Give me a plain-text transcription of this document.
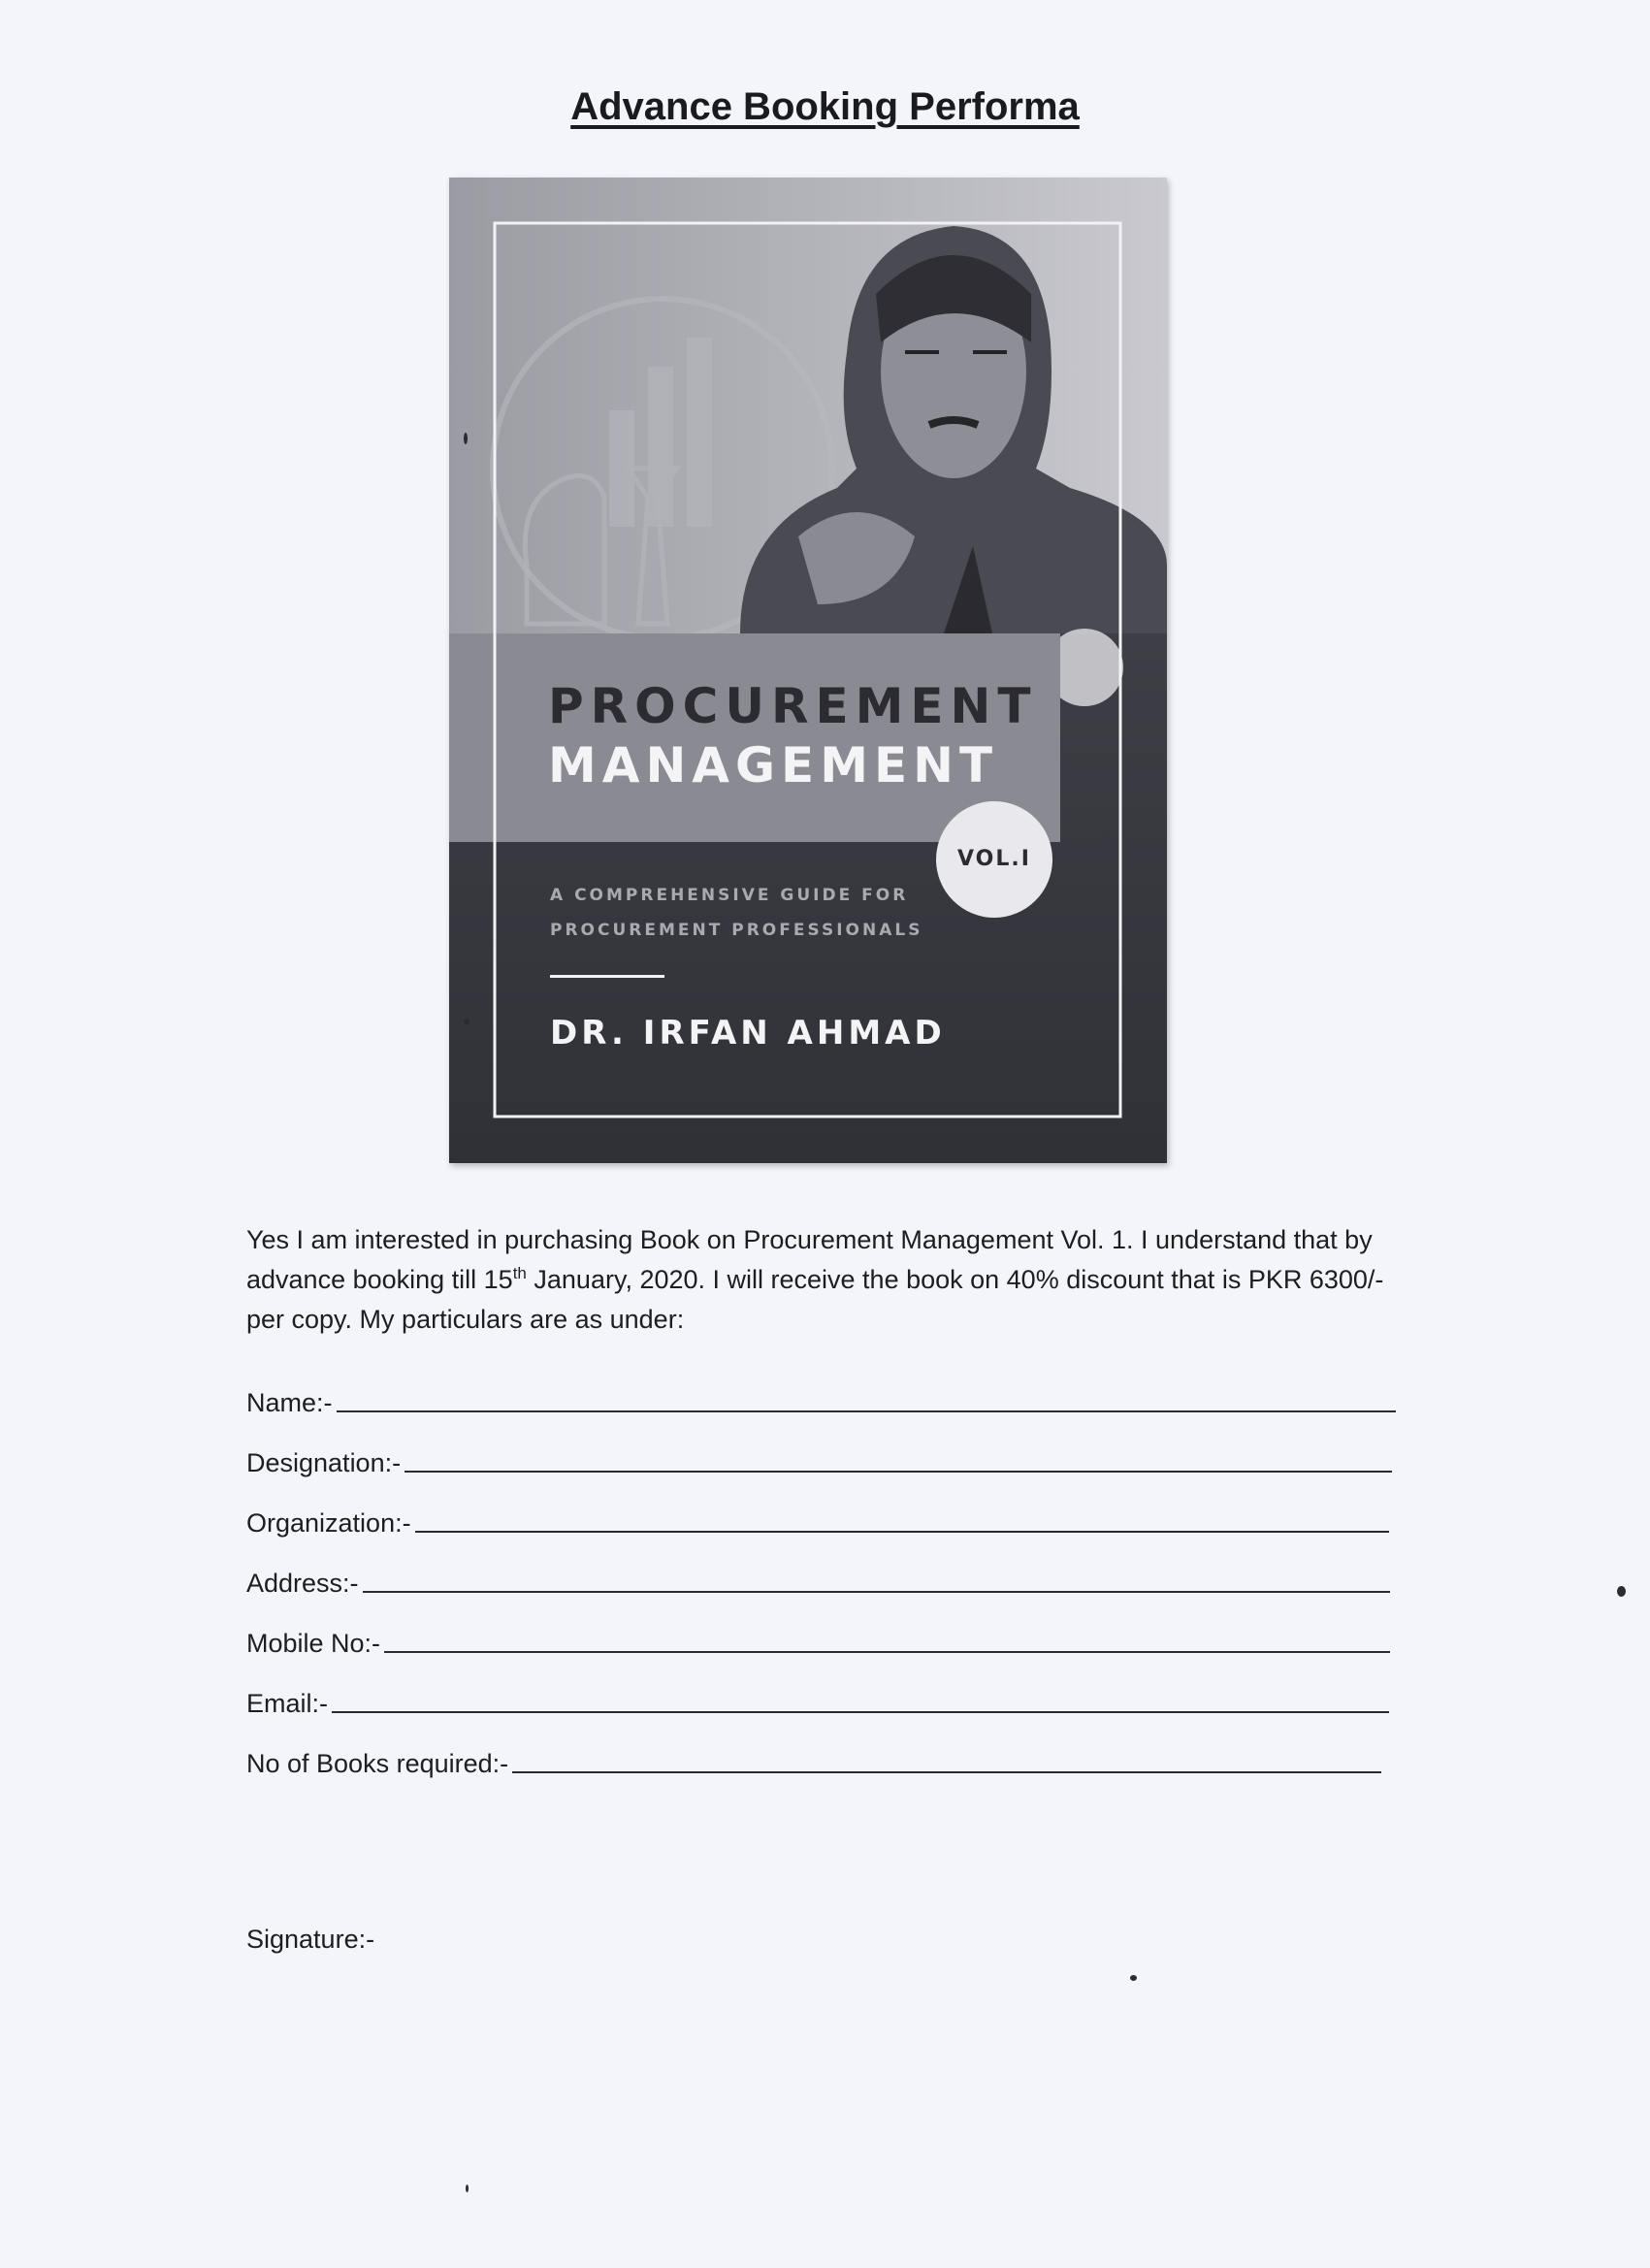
Advance Booking Performa
PROCUREMENT
MANAGEMENT
VOL.I
A COMPREHENSIVE GUIDE FOR
PROCUREMENT PROFESSIONALS
DR. IRFAN AHMAD
Yes I am interested in purchasing Book on Procurement Management Vol. 1. I understand that by advance booking till 15th January, 2020. I will receive the book on 40% discount that is PKR 6300/- per copy. My particulars are as under:
Name:-
Designation:-
Organization:-
Address:-
Mobile No:-
Email:-
No of Books required:-
Signature:-
